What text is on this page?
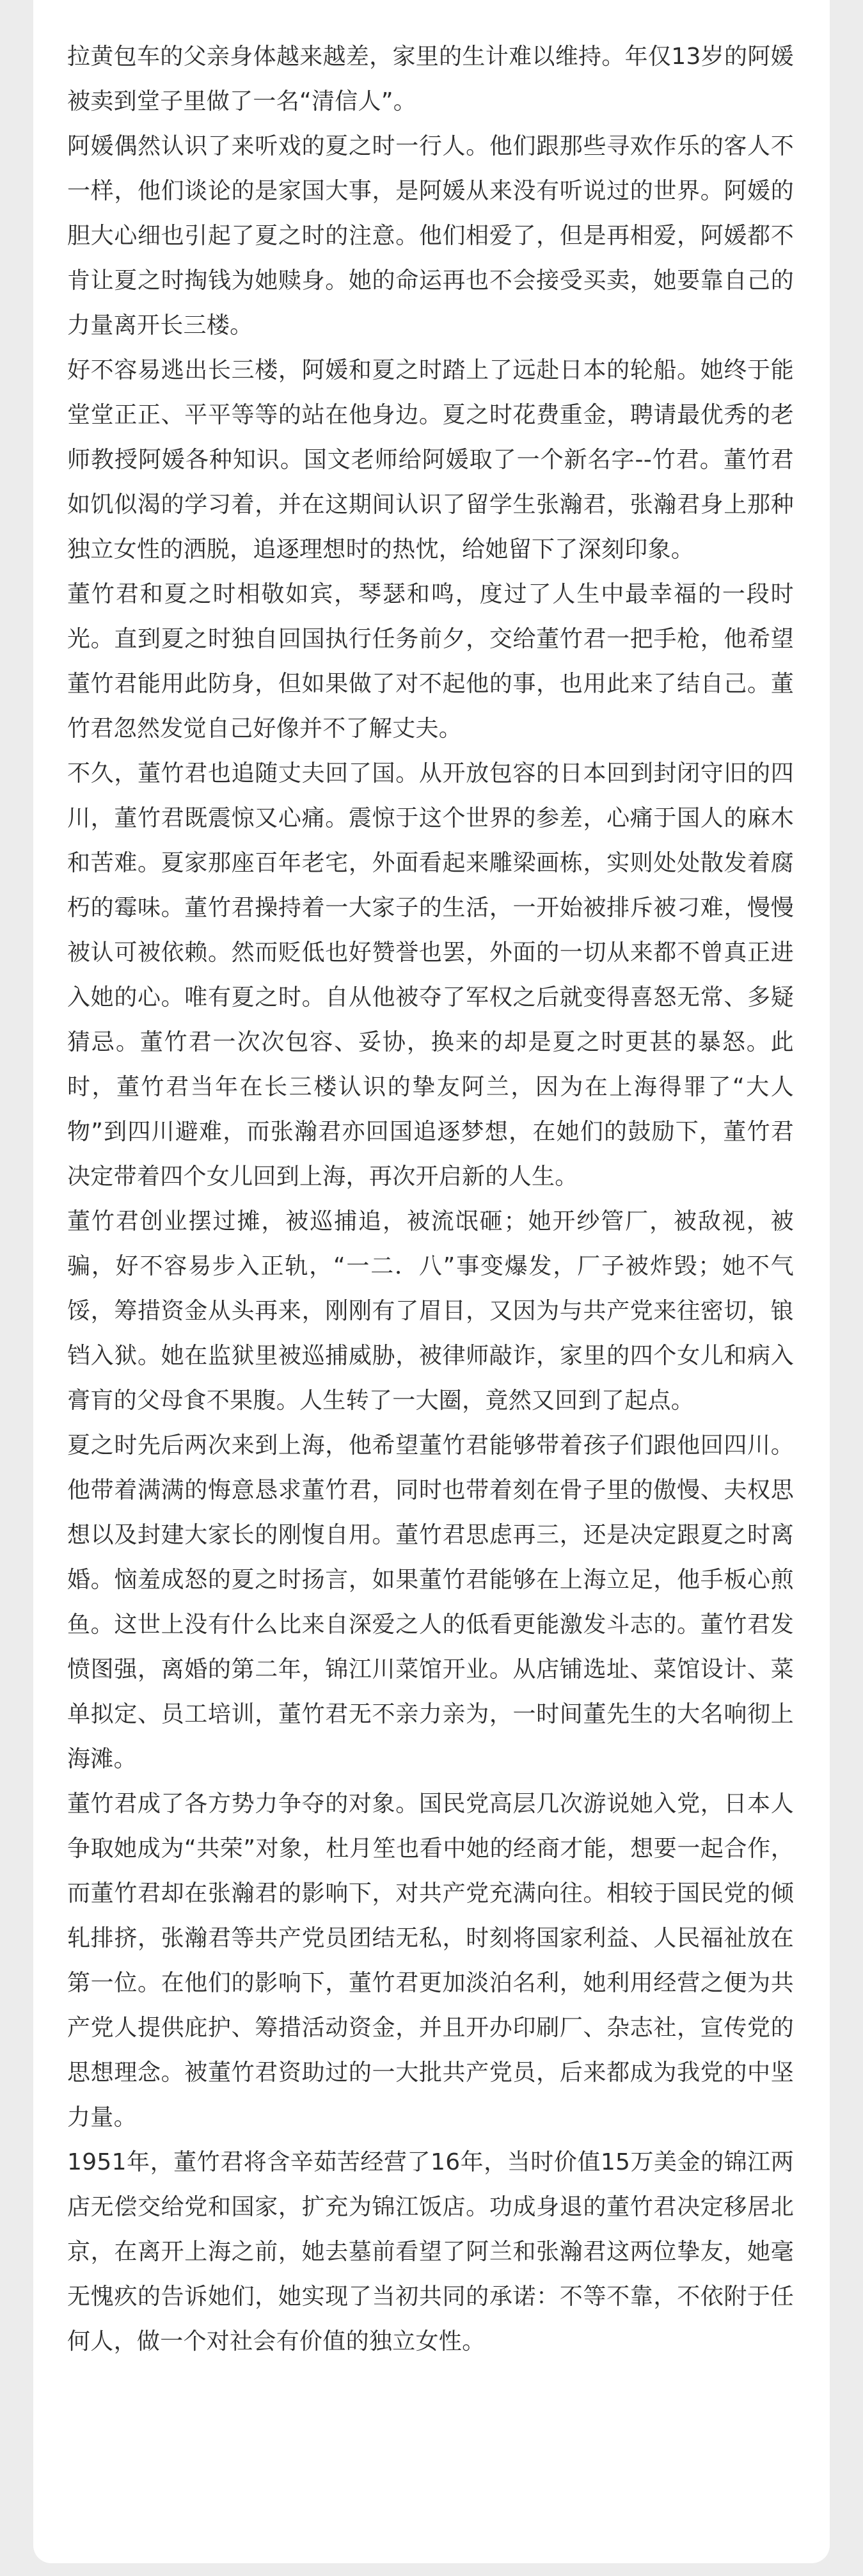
拉黄包车的父亲身体越来越差，家里的生计难以维持。年仅13岁的阿媛被卖到堂子里做了一名“清信人”。

阿媛偶然认识了来听戏的夏之时一行人。他们跟那些寻欢作乐的客人不一样，他们谈论的是家国大事，是阿媛从来没有听说过的世界。阿媛的胆大心细也引起了夏之时的注意。他们相爱了，但是再相爱，阿媛都不肯让夏之时掏钱为她赎身。她的命运再也不会接受买卖，她要靠自己的力量离开长三楼。

好不容易逃出长三楼，阿媛和夏之时踏上了远赴日本的轮船。她终于能堂堂正正、平平等等的站在他身边。夏之时花费重金，聘请最优秀的老师教授阿媛各种知识。国文老师给阿媛取了一个新名字--竹君。董竹君如饥似渴的学习着，并在这期间认识了留学生张瀚君，张瀚君身上那种独立女性的洒脱，追逐理想时的热忱，给她留下了深刻印象。

董竹君和夏之时相敬如宾，琴瑟和鸣，度过了人生中最幸福的一段时光。直到夏之时独自回国执行任务前夕，交给董竹君一把手枪，他希望董竹君能用此防身，但如果做了对不起他的事，也用此来了结自己。董竹君忽然发觉自己好像并不了解丈夫。

不久，董竹君也追随丈夫回了国。从开放包容的日本回到封闭守旧的四川，董竹君既震惊又心痛。震惊于这个世界的参差，心痛于国人的麻木和苦难。夏家那座百年老宅，外面看起来雕梁画栋，实则处处散发着腐朽的霉味。董竹君操持着一大家子的生活，一开始被排斥被刁难，慢慢被认可被依赖。然而贬低也好赞誉也罢，外面的一切从来都不曾真正进入她的心。唯有夏之时。自从他被夺了军权之后就变得喜怒无常、多疑猜忌。董竹君一次次包容、妥协，换来的却是夏之时更甚的暴怒。此时，董竹君当年在长三楼认识的挚友阿兰，因为在上海得罪了“大人物”到四川避难，而张瀚君亦回国追逐梦想，在她们的鼓励下，董竹君决定带着四个女儿回到上海，再次开启新的人生。

董竹君创业摆过摊，被巡捕追，被流氓砸；她开纱管厂，被敌视，被骗，好不容易步入正轨，“一二．八”事变爆发，厂子被炸毁；她不气馁，筹措资金从头再来，刚刚有了眉目，又因为与共产党来往密切，锒铛入狱。她在监狱里被巡捕威胁，被律师敲诈，家里的四个女儿和病入膏肓的父母食不果腹。人生转了一大圈，竟然又回到了起点。

夏之时先后两次来到上海，他希望董竹君能够带着孩子们跟他回四川。他带着满满的悔意恳求董竹君，同时也带着刻在骨子里的傲慢、夫权思想以及封建大家长的刚愎自用。董竹君思虑再三，还是决定跟夏之时离婚。恼羞成怒的夏之时扬言，如果董竹君能够在上海立足，他手板心煎鱼。这世上没有什么比来自深爱之人的低看更能激发斗志的。董竹君发愤图强，离婚的第二年，锦江川菜馆开业。从店铺选址、菜馆设计、菜单拟定、员工培训，董竹君无不亲力亲为，一时间董先生的大名响彻上海滩。

董竹君成了各方势力争夺的对象。国民党高层几次游说她入党，日本人争取她成为“共荣”对象，杜月笙也看中她的经商才能，想要一起合作，而董竹君却在张瀚君的影响下，对共产党充满向往。相较于国民党的倾轧排挤，张瀚君等共产党员团结无私，时刻将国家利益、人民福祉放在第一位。在他们的影响下，董竹君更加淡泊名利，她利用经营之便为共产党人提供庇护、筹措活动资金，并且开办印刷厂、杂志社，宣传党的思想理念。被董竹君资助过的一大批共产党员，后来都成为我党的中坚力量。

1951年，董竹君将含辛茹苦经营了16年，当时价值15万美金的锦江两店无偿交给党和国家，扩充为锦江饭店。功成身退的董竹君决定移居北京，在离开上海之前，她去墓前看望了阿兰和张瀚君这两位挚友，她毫无愧疚的告诉她们，她实现了当初共同的承诺：不等不靠，不依附于任何人，做一个对社会有价值的独立女性。
